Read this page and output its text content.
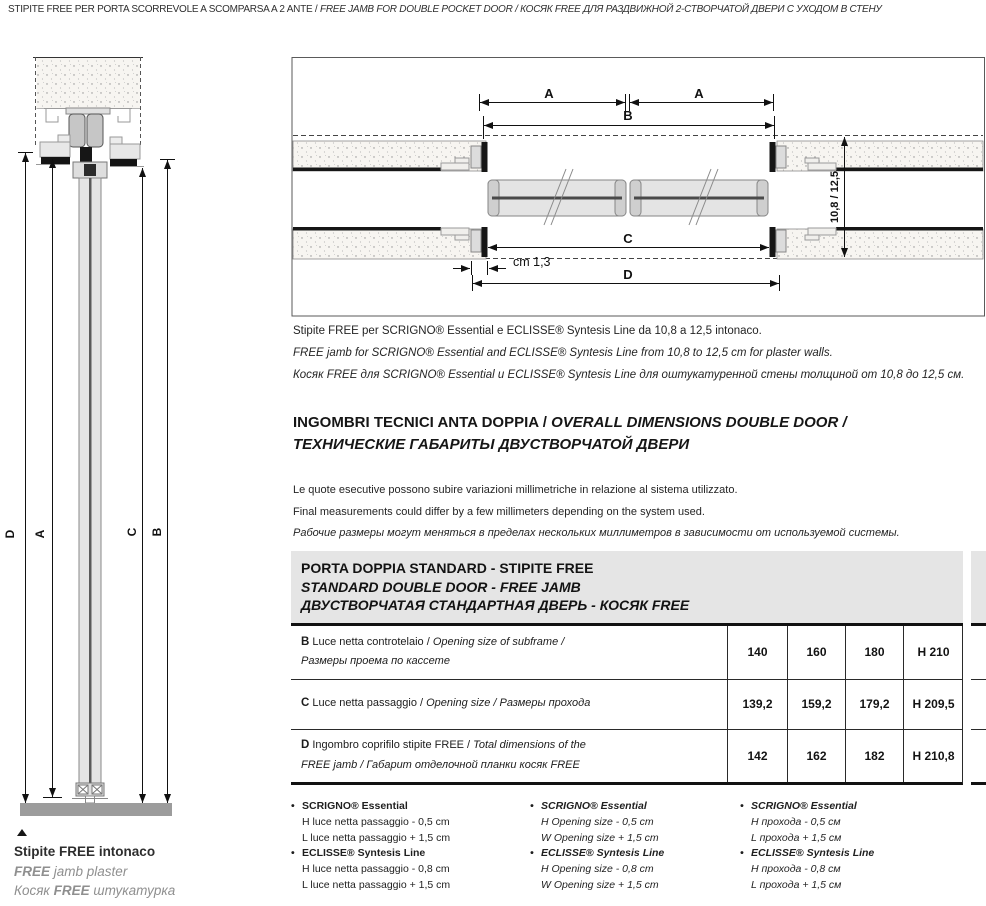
STIPITE FREE PER PORTA SCORREVOLE A SCOMPARSA A 2 ANTE / FREE JAMB FOR DOUBLE POCKET DOOR / КОСЯК FREE ДЛЯ РАЗДВИЖНОЙ 2-СТВОРЧАТОЙ ДВЕРИ С УХОДОМ В СТЕНУ
D A	C B
A	A
B
C
D
cm 1,3
10,8 / 12,5
Stipite FREE per SCRIGNO® Essential e ECLISSE® Syntesis Line da 10,8 a 12,5 intonaco.
FREE jamb for SCRIGNO® Essential and ECLISSE® Syntesis Line from 10,8 to 12,5 cm for plaster walls.
Косяк FREE для SCRIGNO® Essential и ECLISSE® Syntesis Line для оштукатуренной стены толщиной от 10,8 до 12,5 см.
INGOMBRI TECNICI ANTA DOPPIA / OVERALL DIMENSIONS DOUBLE DOOR /
ТЕХНИЧЕСКИЕ ГАБАРИТЫ ДВУСТВОРЧАТОЙ ДВЕРИ
Le quote esecutive possono subire variazioni millimetriche in relazione al sistema utilizzato.
Final measurements could differ by a few millimeters depending on the system used.
Рабочие размеры могут меняться в пределах нескольких миллиметров в зависимости от используемой системы.
PORTA DOPPIA STANDARD - STIPITE FREE
STANDARD DOUBLE DOOR - FREE JAMB
ДВУСТВОРЧАТАЯ СТАНДАРТНАЯ ДВЕРЬ - КОСЯК FREE
B Luce netta controtelaio / Opening size of subframe /
Размеры проема по кассете
140	160	180	H 210
C Luce netta passaggio / Opening size / Размеры прохода	139,2	159,2	179,2	H 209,5
D Ingombro coprifilo stipite FREE / Total dimensions of the
FREE jamb / Габарит отделочной планки косяк FREE
142	162	182	H 210,8
• SCRIGNO® Essential
H luce netta passaggio - 0,5 cm
L luce netta passaggio + 1,5 cm
• ECLISSE® Syntesis Line
H luce netta passaggio - 0,8 cm
L luce netta passaggio + 1,5 cm
• SCRIGNO® Essential
H Opening size - 0,5 cm
W Opening size + 1,5 cm
• ECLISSE® Syntesis Line
H Opening size - 0,8 cm
W Opening size + 1,5 cm
• SCRIGNO® Essential
H прохода - 0,5 см
L прохода + 1,5 см
• ECLISSE® Syntesis Line
H прохода - 0,8 см
L прохода + 1,5 см
Stipite FREE intonaco
FREE jamb plaster
Косяк FREE штукатурка
